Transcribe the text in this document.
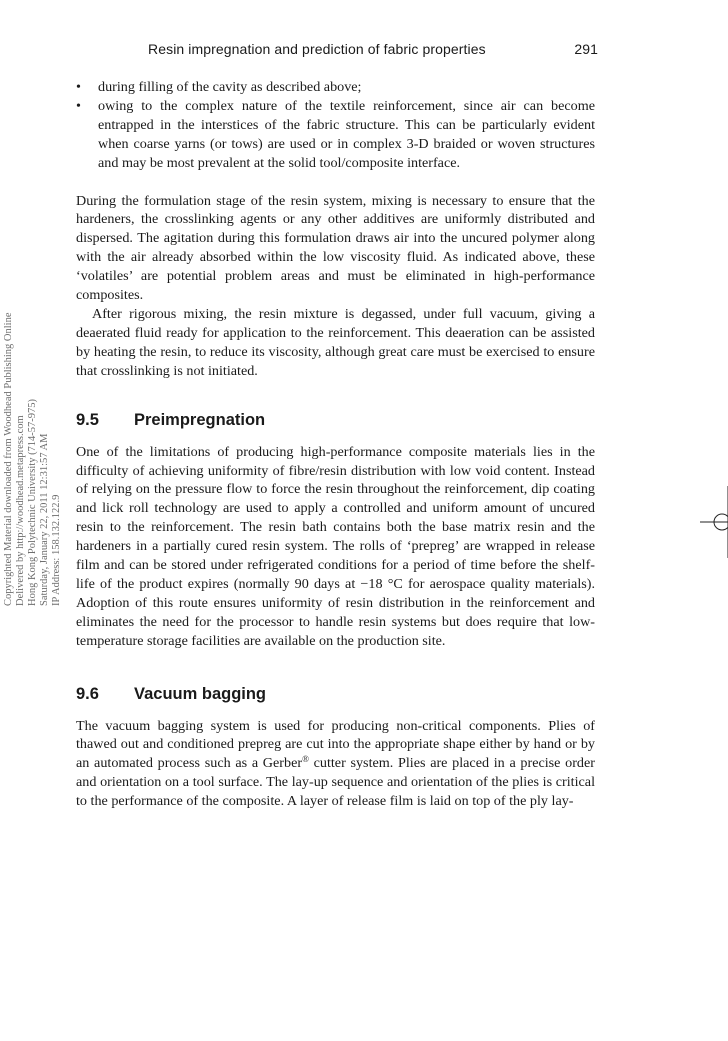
Resin impregnation and prediction of fabric properties	291
Copyrighted Material downloaded from Woodhead Publishing Online Delivered by http://woodhead.metapress.com Hong Kong Polytechnic University (714-57-975) Saturday, January 22, 2011 12:31:57 AM IP Address: 158.132.122.9
• during filling of the cavity as described above;
• owing to the complex nature of the textile reinforcement, since air can become entrapped in the interstices of the fabric structure. This can be particularly evident when coarse yarns (or tows) are used or in complex 3-D braided or woven structures and may be most prevalent at the solid tool/composite interface.

During the formulation stage of the resin system, mixing is necessary to ensure that the hardeners, the crosslinking agents or any other additives are uniformly distributed and dispersed. The agitation during this formulation draws air into the uncured polymer along with the air already absorbed within the low viscosity fluid. As indicated above, these ‘volatiles’ are potential problem areas and must be eliminated in high-performance composites.

After rigorous mixing, the resin mixture is degassed, under full vacuum, giving a deaerated fluid ready for application to the reinforcement. This deaeration can be assisted by heating the resin, to reduce its viscosity, although great care must be exercised to ensure that crosslinking is not initiated.

9.5	Preimpregnation

One of the limitations of producing high-performance composite materials lies in the difficulty of achieving uniformity of fibre/resin distribution with low void content. Instead of relying on the pressure flow to force the resin throughout the reinforcement, dip coating and lick roll technology are used to apply a controlled and uniform amount of uncured resin to the reinforcement. The resin bath contains both the base matrix resin and the hardeners in a partially cured resin system. The rolls of ‘prepreg’ are wrapped in release film and can be stored under refrigerated conditions for a period of time before the shelf-life of the product expires (normally 90 days at −18 °C for aerospace quality materials). Adoption of this route ensures uniformity of resin distribution in the reinforcement and eliminates the need for the processor to handle resin systems but does require that low-temperature storage facilities are available on the production site.

9.6	Vacuum bagging

The vacuum bagging system is used for producing non-critical components. Plies of thawed out and conditioned prepreg are cut into the appropriate shape either by hand or by an automated process such as a Gerber® cutter system. Plies are placed in a precise order and orientation on a tool surface. The lay-up sequence and orientation of the plies is critical to the performance of the composite. A layer of release film is laid on top of the ply lay-
